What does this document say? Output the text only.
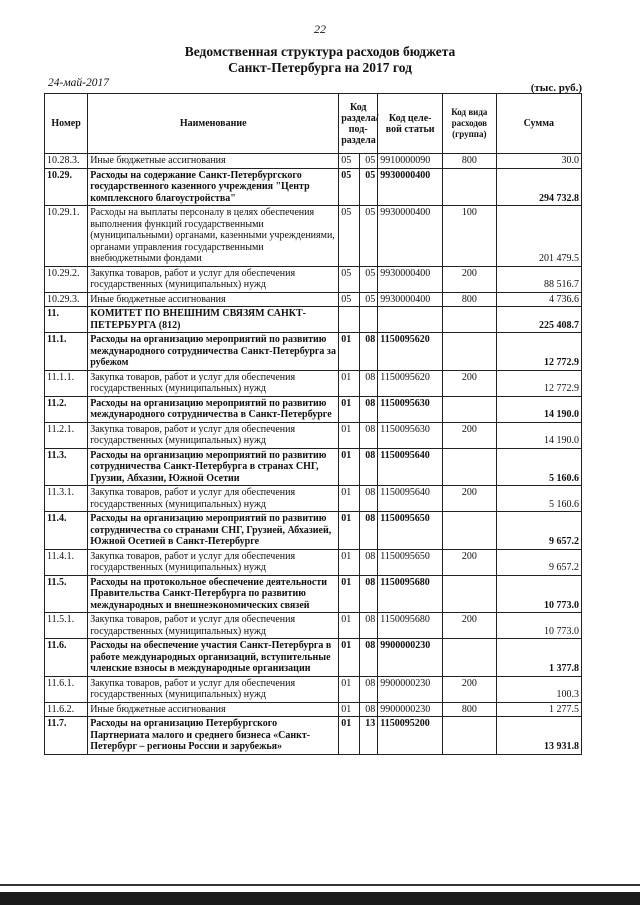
22
Ведомственная структура расходов бюджета
Санкт-Петербурга на 2017 год
24-май-2017	(тыс. руб.)
Номер	Наименование	Код раздела/ под- раздела		Код целе- вой статьи	Код вида расходов (группа)	Сумма
10.28.3.	Иные бюджетные ассигнования	05	05	9910000090	800	30.0
10.29.	Расходы на содержание Санкт-Петербургского государственного казенного учреждения "Центр комплексного благоустройства"	05	05	9930000400		294 732.8
10.29.1.	Расходы на выплаты персоналу в целях обеспечения выполнения функций государственными (муниципальными) органами, казенными учреждениями, органами управления государственными внебюджетными фондами	05	05	9930000400	100	201 479.5
10.29.2.	Закупка товаров, работ и услуг для обеспечения государственных (муниципальных) нужд	05	05	9930000400	200	88 516.7
10.29.3.	Иные бюджетные ассигнования	05	05	9930000400	800	4 736.6
11.	КОМИТЕТ ПО ВНЕШНИМ СВЯЗЯМ САНКТ-ПЕТЕРБУРГА (812)					225 408.7
11.1.	Расходы на организацию мероприятий по развитию международного сотрудничества Санкт-Петербурга за рубежом	01	08	1150095620		12 772.9
11.1.1.	Закупка товаров, работ и услуг для обеспечения государственных (муниципальных) нужд	01	08	1150095620	200	12 772.9
11.2.	Расходы на организацию мероприятий по развитию международного сотрудничества в Санкт-Петербурге	01	08	1150095630		14 190.0
11.2.1.	Закупка товаров, работ и услуг для обеспечения государственных (муниципальных) нужд	01	08	1150095630	200	14 190.0
11.3.	Расходы на организацию мероприятий по развитию сотрудничества Санкт-Петербурга в странах СНГ, Грузии, Абхазии, Южной Осетии	01	08	1150095640		5 160.6
11.3.1.	Закупка товаров, работ и услуг для обеспечения государственных (муниципальных) нужд	01	08	1150095640	200	5 160.6
11.4.	Расходы на организацию мероприятий по развитию сотрудничества со странами СНГ, Грузией, Абхазией, Южной Осетией в Санкт-Петербурге	01	08	1150095650		9 657.2
11.4.1.	Закупка товаров, работ и услуг для обеспечения государственных (муниципальных) нужд	01	08	1150095650	200	9 657.2
11.5.	Расходы на протокольное обеспечение деятельности Правительства Санкт-Петербурга по развитию международных и внешнеэкономических связей	01	08	1150095680		10 773.0
11.5.1.	Закупка товаров, работ и услуг для обеспечения государственных (муниципальных) нужд	01	08	1150095680	200	10 773.0
11.6.	Расходы на обеспечение участия Санкт-Петербурга в работе международных организаций, вступительные членские взносы в международные организации	01	08	9900000230		1 377.8
11.6.1.	Закупка товаров, работ и услуг для обеспечения государственных (муниципальных) нужд	01	08	9900000230	200	100.3
11.6.2.	Иные бюджетные ассигнования	01	08	9900000230	800	1 277.5
11.7.	Расходы на организацию Петербургского Партнериата малого и среднего бизнеса «Санкт-Петербург – регионы России и зарубежья»	01	13	1150095200		13 931.8
